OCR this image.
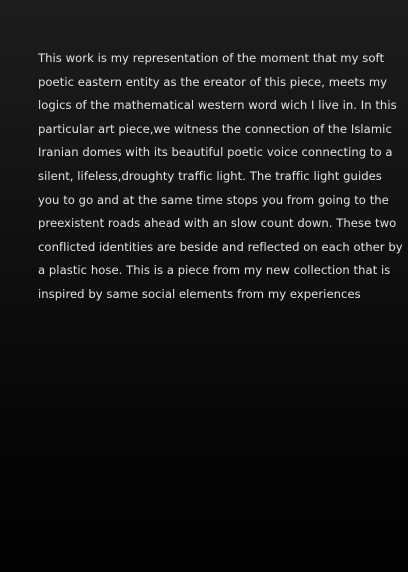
This work is my representation of the moment that my soft
poetic eastern entity as the ereator of this piece, meets my
logics of the mathematical western word wich I live in. In this
particular art piece,we witness the connection of the Islamic
Iranian domes with its beautiful poetic voice connecting to a
silent, lifeless,droughty traffic light. The traffic light guides
you to go and at the same time stops you from going to the
preexistent roads ahead with an slow count down. These two
conflicted identities are beside and reflected on each other by
a plastic hose. This is a piece from my new collection that is
inspired by same social elements from my experiences
